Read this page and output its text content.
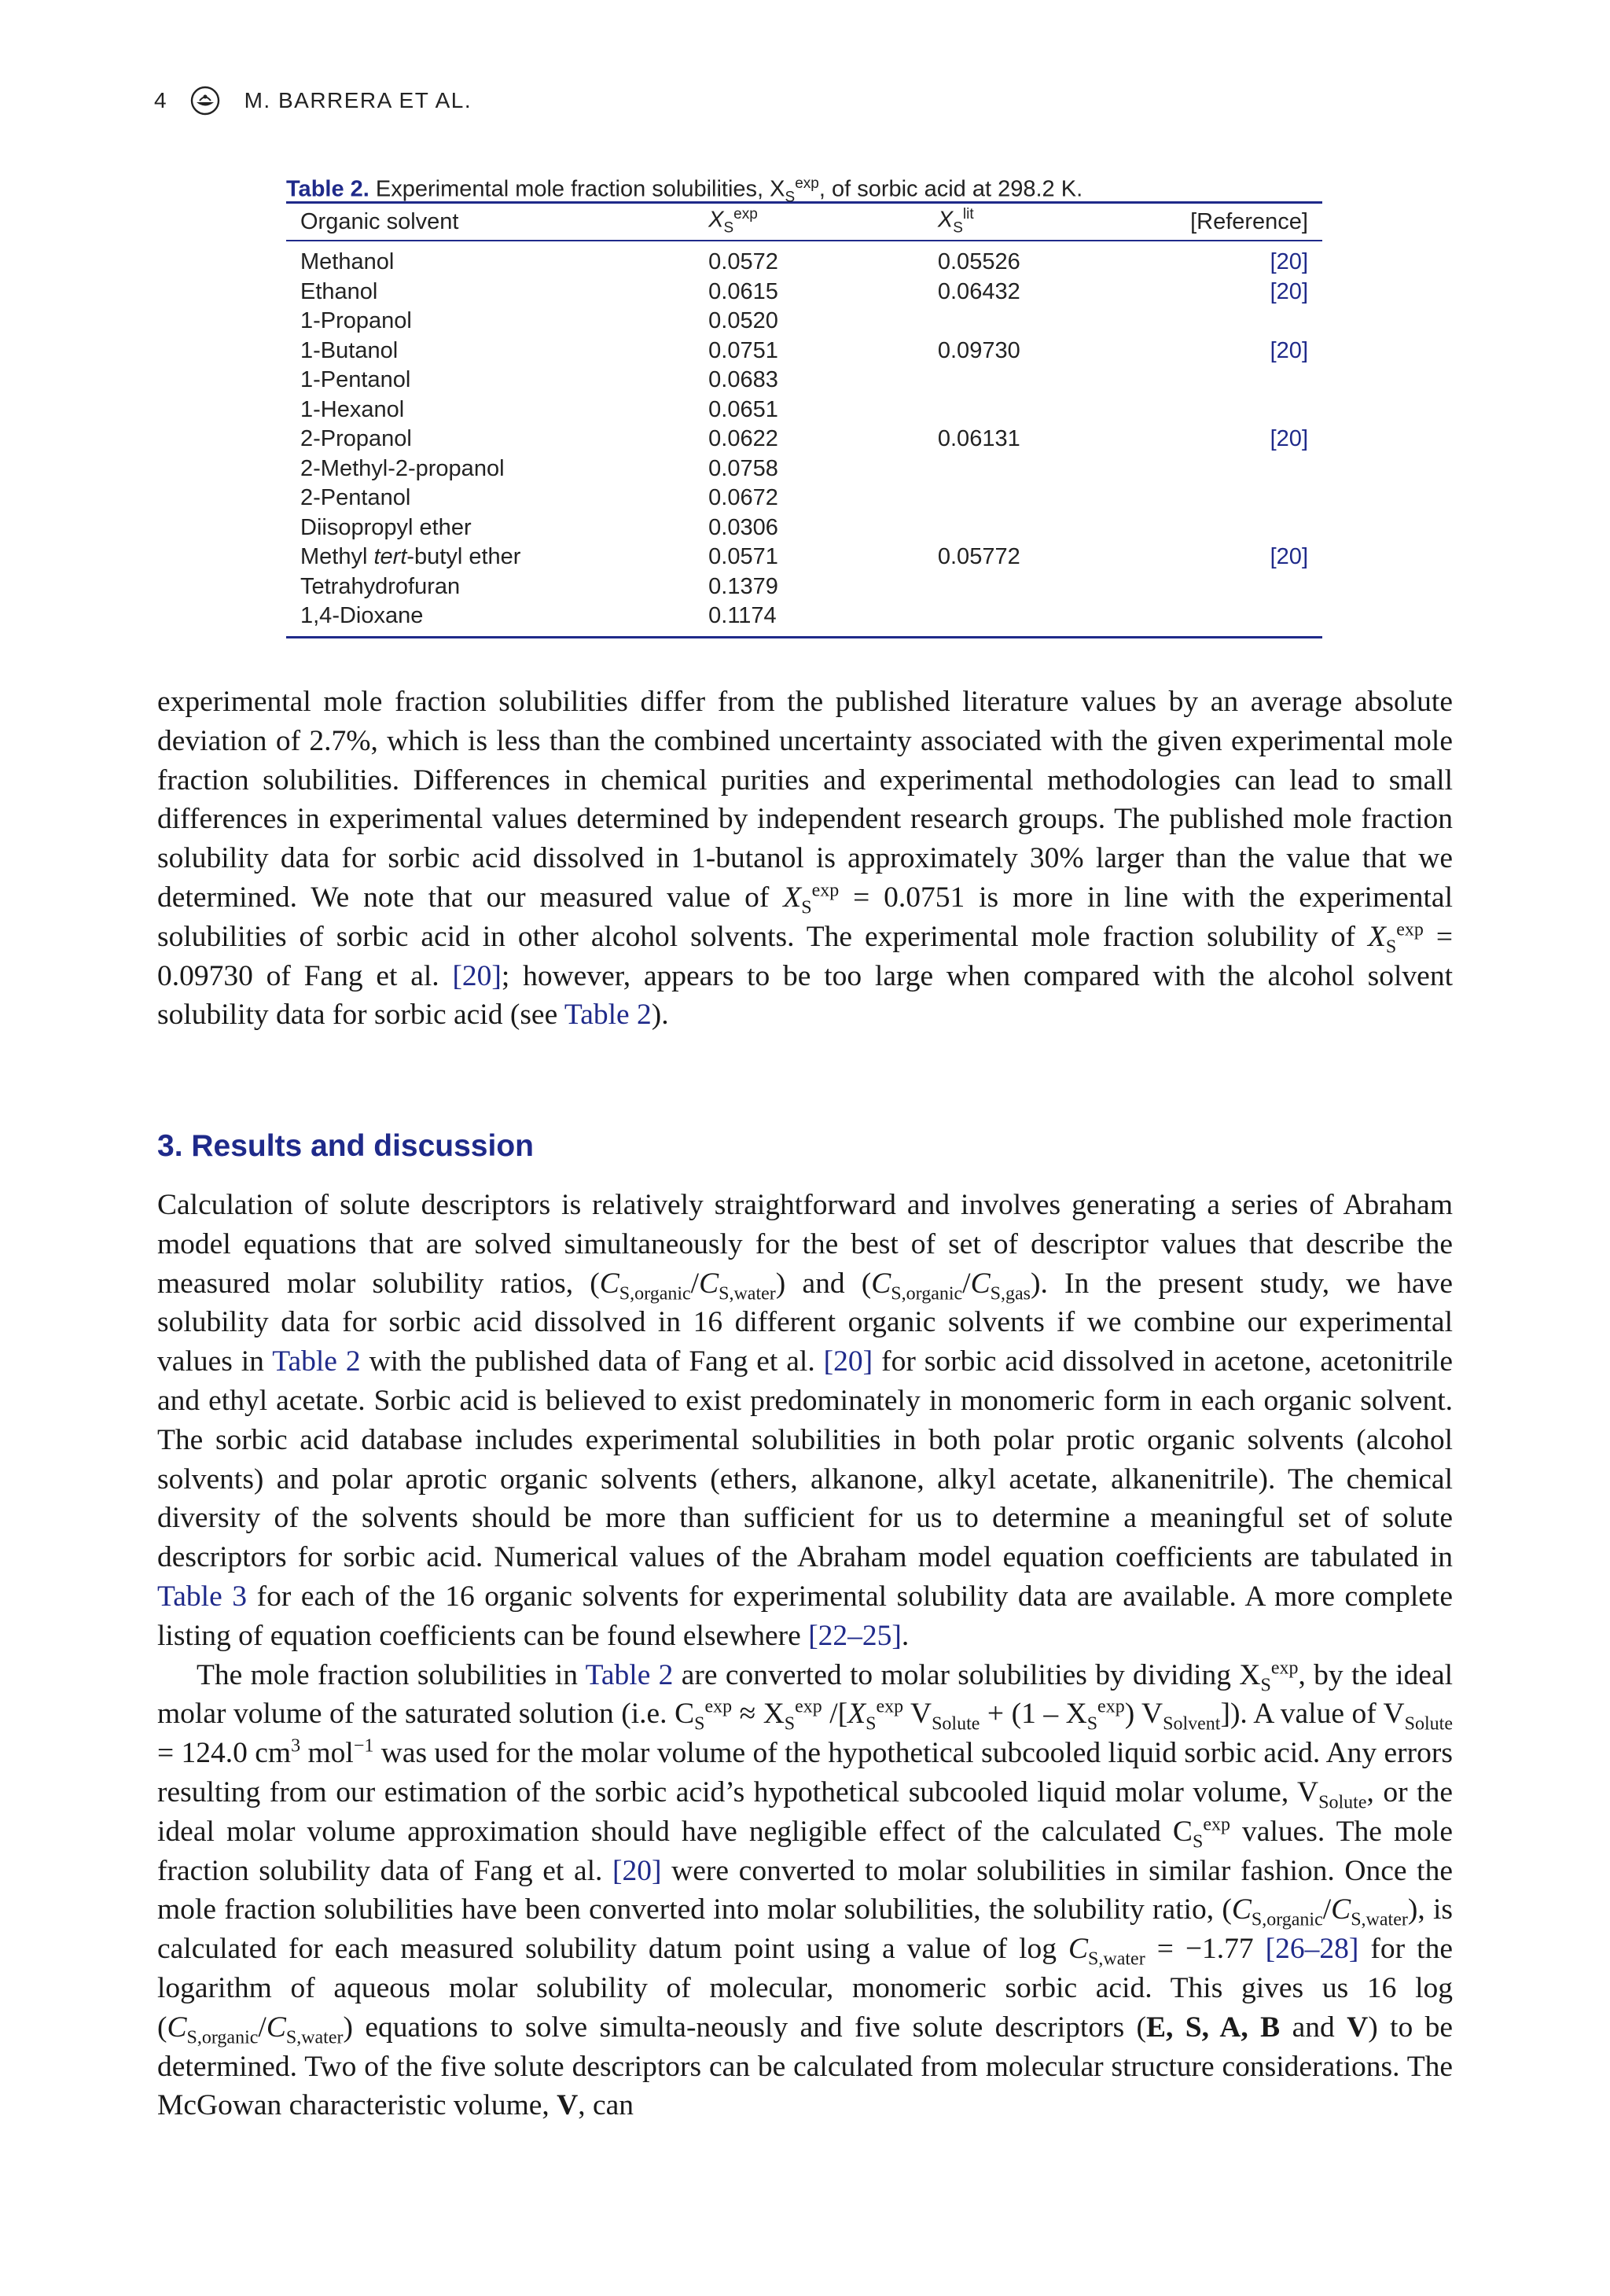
4	M. BARRERA ET AL.
Table 2. Experimental mole fraction solubilities, $X_S^{exp}$, of sorbic acid at 298.2 K.
Organic solvent	$X_S^{exp}$	$X_S^{lit}$	[Reference]
Methanol	0.0572	0.05526	[20]
Ethanol	0.0615	0.06432	[20]
1-Propanol	0.0520		
1-Butanol	0.0751	0.09730	[20]
1-Pentanol	0.0683		
1-Hexanol	0.0651		
2-Propanol	0.0622	0.06131	[20]
2-Methyl-2-propanol	0.0758		
2-Pentanol	0.0672		
Diisopropyl ether	0.0306		
Methyl tert-butyl ether	0.0571	0.05772	[20]
Tetrahydrofuran	0.1379		
1,4-Dioxane	0.1174		

experimental mole fraction solubilities differ from the published literature values by an average absolute deviation of 2.7%, which is less than the combined uncertainty associated with the given experimental mole fraction solubilities. Differences in chemical purities and experimental methodologies can lead to small differences in experimental values determined by independent research groups. The published mole fraction solubility data for sorbic acid dissolved in 1-butanol is approximately 30% larger than the value that we determined. We note that our measured value of $X_S^{exp} = 0.0751$ is more in line with the experimental solubilities of sorbic acid in other alcohol solvents. The experimental mole fraction solubility of $X_S^{exp} = 0.09730$ of Fang et al. [20]; however, appears to be too large when compared with the alcohol solvent solubility data for sorbic acid (see Table 2).

3. Results and discussion

Calculation of solute descriptors is relatively straightforward and involves generating a series of Abraham model equations that are solved simultaneously for the best of set of descriptor values that describe the measured molar solubility ratios, $(C_{S,organic}/C_{S,water})$ and $(C_{S,organic}/C_{S,gas})$. In the present study, we have solubility data for sorbic acid dissolved in 16 different organic solvents if we combine our experimental values in Table 2 with the published data of Fang et al. [20] for sorbic acid dissolved in acetone, acetonitrile and ethyl acetate. Sorbic acid is believed to exist predominately in monomeric form in each organic solvent. The sorbic acid database includes experimental solubilities in both polar protic organic solvents (alcohol solvents) and polar aprotic organic solvents (ethers, alkanone, alkyl acetate, alkanenitrile). The chemical diversity of the solvents should be more than sufficient for us to determine a meaningful set of solute descriptors for sorbic acid. Numerical values of the Abraham model equation coefficients are tabulated in Table 3 for each of the 16 organic solvents for experimental solubility data are available. A more complete listing of equation coefficients can be found elsewhere [22–25].

The mole fraction solubilities in Table 2 are converted to molar solubilities by dividing $X_S^{exp}$, by the ideal molar volume of the saturated solution (i.e. $C_S^{exp} \approx X_S^{exp}$ $/[X_S^{exp}$ $V_{Solute} + (1 - X_S^{exp})$ $V_{Solvent}$]). A value of $V_{Solute} = 124.0$ $cm^3$ mol$^{-1}$ was used for the molar volume of the hypothetical subcooled liquid sorbic acid. Any errors resulting from our estimation of the sorbic acid’s hypothetical subcooled liquid molar volume, $V_{Solute}$, or the ideal molar volume approximation should have negligible effect of the calculated $C_S^{exp}$ values. The mole fraction solubility data of Fang et al. [20] were converted to molar solubilities in similar fashion. Once the mole fraction solubilities have been converted into molar solubilities, the solubility ratio, $(C_{S,organic}/C_{S,water})$, is calculated for each measured solubility datum point using a value of $\log C_{S,water} = -1.77$ [26–28] for the logarithm of aqueous molar solubility of molecular, monomeric sorbic acid. This gives us 16 $\log (C_{S,organic}/C_{S,water})$ equations to solve simulta-neously and five solute descriptors (E, S, A, B and V) to be determined. Two of the five solute descriptors can be calculated from molecular structure considerations. The McGowan characteristic volume, V, can
